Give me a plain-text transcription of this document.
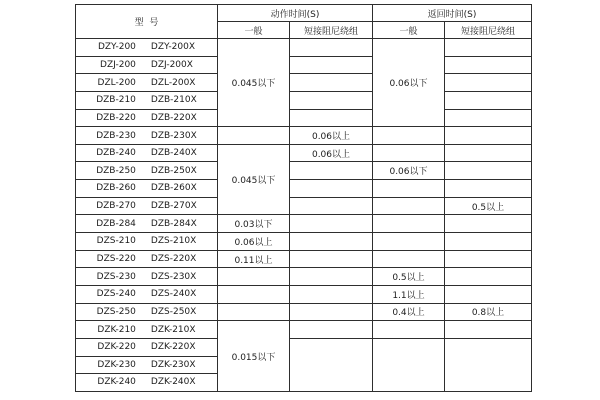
型  号	动作时间(S)		返回时间(S)	
	一般	短接阻尼绕组	一般	短接阻尼绕组
DZY-200 DZY-200X	0.045以下		0.06以下	
DZJ-200 DZJ-200X				
DZL-200 DZL-200X				
DZB-210 DZB-210X				
DZB-220 DZB-220X				
DZB-230 DZB-230X		0.06以上		
DZB-240 DZB-240X	0.045以下	0.06以上		
DZB-250 DZB-250X			0.06以下	
DZB-260 DZB-260X				
DZB-270 DZB-270X				0.5以上
DZB-284 DZB-284X	0.03以下			
DZS-210 DZS-210X	0.06以上			
DZS-220 DZS-220X	0.11以上			
DZS-230 DZS-230X			0.5以上	
DZS-240 DZS-240X			1.1以上	
DZS-250 DZS-250X			0.4以上	0.8以上
DZK-210 DZK-210X	0.015以下			
DZK-220 DZK-220X				
DZK-230 DZK-230X				
DZK-240 DZK-240X				
